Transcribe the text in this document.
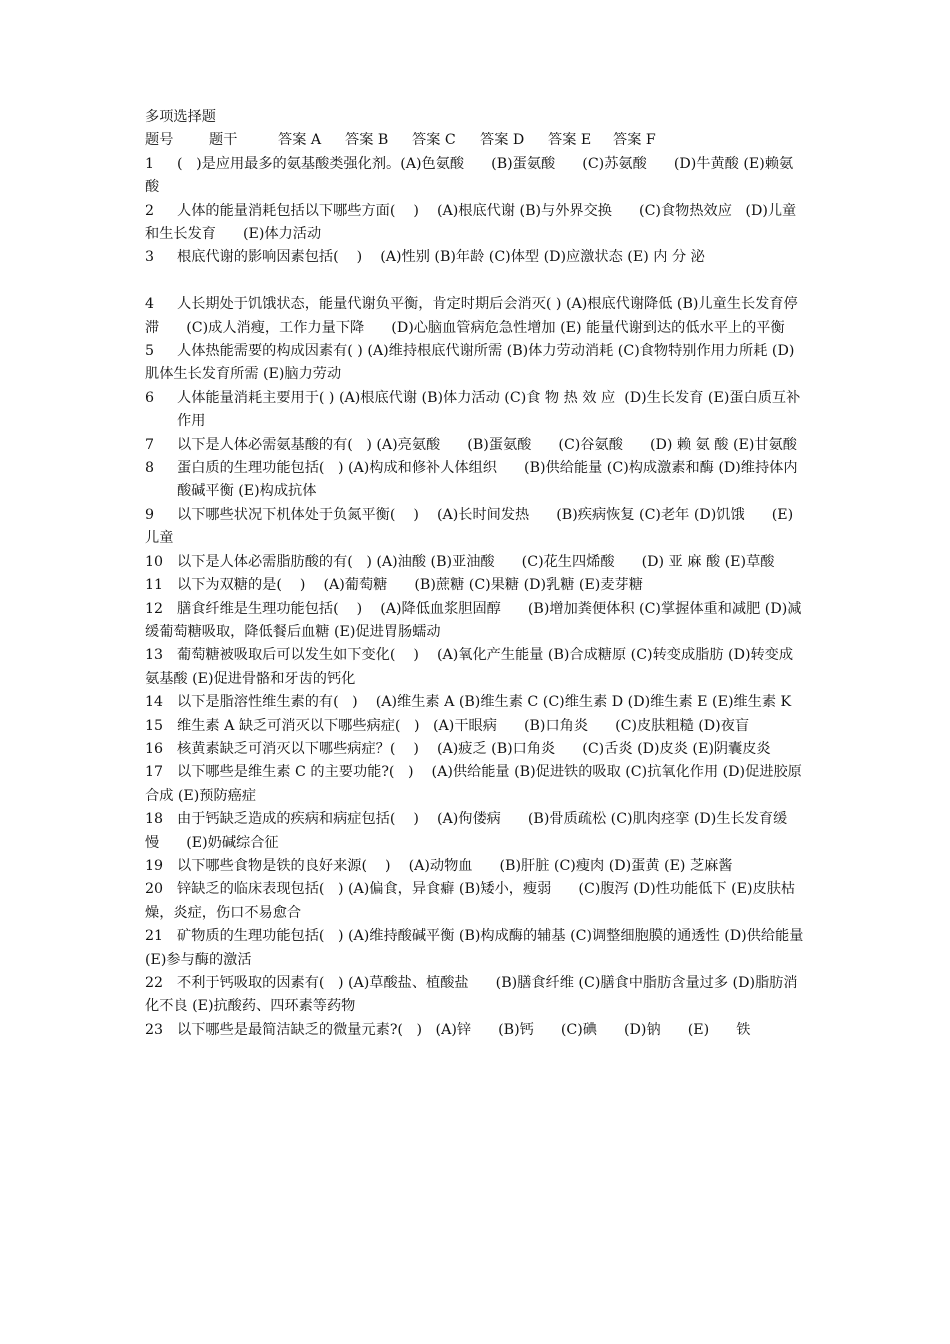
多项选择题

题号	题干	答案 A	答案 B	答案 C	答案 D	答案 E	答案 F

1 (   )是应用最多的氨基酸类强化剂。(A)色氨酸      (B)蛋氨酸      (C)苏氨酸      (D)牛黄酸 (E)赖氨酸

2 人体的能量消耗包括以下哪些方面(    )    (A)根底代谢 (B)与外界交换      (C)食物热效应   (D)儿童和生长发育      (E)体力活动

3 根底代谢的影响因素包括(    )    (A)性别 (B)年龄 (C)体型 (D)应激状态 (E) 内 分 泌

4 人长期处于饥饿状态，能量代谢负平衡，肯定时期后会消灭( ) (A)根底代谢降低 (B)儿童生长发育停滞      (C)成人消瘦，工作力量下降      (D)心脑血管病危急性增加 (E) 能量代谢到达的低水平上的平衡

5 人体热能需要的构成因素有( ) (A)维持根底代谢所需 (B)体力劳动消耗 (C)食物特别作用力所耗 (D)肌体生长发育所需 (E)脑力劳动

6 人体能量消耗主要用于( ) (A)根底代谢 (B)体力活动 (C)食 物 热 效 应  (D)生长发育 (E)蛋白质互补作用

7 以下是人体必需氨基酸的有(   ) (A)亮氨酸      (B)蛋氨酸      (C)谷氨酸      (D) 赖 氨 酸 (E)甘氨酸

8 蛋白质的生理功能包括(   ) (A)构成和修补人体组织      (B)供给能量 (C)构成激素和酶 (D)维持体内酸碱平衡 (E)构成抗体

9 以下哪些状况下机体处于负氮平衡(    )    (A)长时间发热      (B)疾病恢复 (C)老年 (D)饥饿      (E)儿童

10 以下是人体必需脂肪酸的有(   ) (A)油酸 (B)亚油酸      (C)花生四烯酸      (D) 亚 麻 酸 (E)草酸

11 以下为双糖的是(    )    (A)葡萄糖      (B)蔗糖 (C)果糖 (D)乳糖 (E)麦芽糖

12 膳食纤维是生理功能包括(    )    (A)降低血浆胆固醇      (B)增加粪便体积 (C)掌握体重和减肥 (D)减缓葡萄糖吸取，降低餐后血糖 (E)促进胃肠蠕动

13 葡萄糖被吸取后可以发生如下变化(    )    (A)氧化产生能量 (B)合成糖原 (C)转变成脂肪 (D)转变成氨基酸 (E)促进骨骼和牙齿的钙化

14 以下是脂溶性维生素的有(   )    (A)维生素 A (B)维生素 C (C)维生素 D (D)维生素 E (E)维生素 K

15 维生素 A 缺乏可消灭以下哪些病症(   )   (A)干眼病      (B)口角炎      (C)皮肤粗糙 (D)夜盲

16 核黄素缺乏可消灭以下哪些病症？(    )    (A)疲乏 (B)口角炎      (C)舌炎 (D)皮炎 (E)阴囊皮炎

17 以下哪些是维生素 C 的主要功能?(   )    (A)供给能量 (B)促进铁的吸取 (C)抗氧化作用 (D)促进胶原合成 (E)预防癌症

18 由于钙缺乏造成的疾病和病症包括(    )    (A)佝偻病      (B)骨质疏松 (C)肌肉痉挛 (D)生长发育缓慢      (E)奶碱综合征

19 以下哪些食物是铁的良好来源(    )    (A)动物血      (B)肝脏 (C)瘦肉 (D)蛋黄 (E) 芝麻酱

20 锌缺乏的临床表现包括(   ) (A)偏食，异食癖 (B)矮小，瘦弱      (C)腹泻 (D)性功能低下 (E)皮肤枯燥，炎症，伤口不易愈合

21 矿物质的生理功能包括(   ) (A)维持酸碱平衡 (B)构成酶的辅基 (C)调整细胞膜的通透性 (D)供给能量 (E)参与酶的激活

22 不利于钙吸取的因素有(   ) (A)草酸盐、植酸盐      (B)膳食纤维 (C)膳食中脂肪含量过多 (D)脂肪消化不良 (E)抗酸药、四环素等药物

23 以下哪些是最简洁缺乏的微量元素?(   )   (A)锌      (B)钙      (C)碘      (D)钠      (E)      铁
